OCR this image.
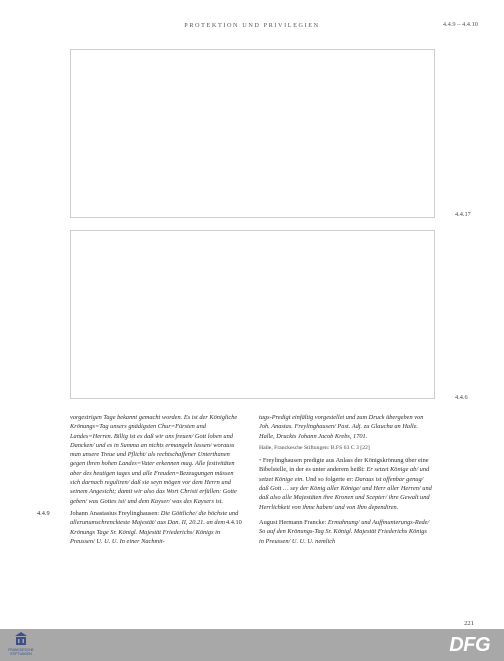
PROTEKTION UND PRIVILEGIEN	4.4.9 – 4.4.10
4.4.17
4.4.6

vorgestrigen Tage bekannt gemacht worden. Es ist der Königliche Krönungs=Tag unsers gnädigsten Chur=Fürsten und Landes=Herren. Billig ist es daß wir uns freuen/ Gott loben und Dancken/ und es in Summa an nichts ermangeln lassen/ worauss man unsere Treue und Pflicht/ als rechtschaffener Unterthanen gegen ihren hohen Landes=Vater erkennen mag. Alle festivitäten aber des heutigen tages und alle Freuden=Bezeugungen müssen sich darnach reguliren/ daß sie seyn mögen vor dem Herrn und seinem Angesicht; damit wir also das Wort Christi erfüllen: Gotte geben/ was Gottes ist/ und dem Kayser/ was des Kaysers ist.

4.4.9	Johann Anastasius Freylinghausen: Die Göttliche/ die höchste und allerunumschrenckteste Majestät/ aus Dan. II, 20.21. an dem Krönungs Tage Sr. Königl. Majestät Friederichs/ Königs in Preussen/ U. U. U. In einer Nachmit-

tags-Predigt einfältig vorgestellet und zum Druck übergeben von Joh. Anastas. Freylinghausen/ Past. Adj. zu Glaucha an Halle. Halle, Druckts Johann Jacob Krebs, 1701.

Halle, Franckesche Stiftungen: B.FS 63 C 3 [22]

• Freylinghausen predigte aus Anlass der Königskrönung über eine Bibelstelle, in der es unter anderem heißt: Er setzet Könige ab/ und setzet Könige ein. Und so folgerte er: Daraus ist offenbar genug/ daß Gott … sey der König aller Könige/ und Herr aller Herren/ und daß also alle Majestäten ihre Kronen und Scepter/ ihre Gewalt und Herrlichkeit von ihme haben/ und von Ihm dependiren.

4.4.10	August Hermann Francke: Ermahnung/ und Auffmunterungs-Rede/ So auf den Krönungs-Tag Sr. Königl. Majestät Friederichs Königs in Preussen/ U. U. U. nemlich
221
FRANCKESCHE
STIFTUNGEN	DFG
